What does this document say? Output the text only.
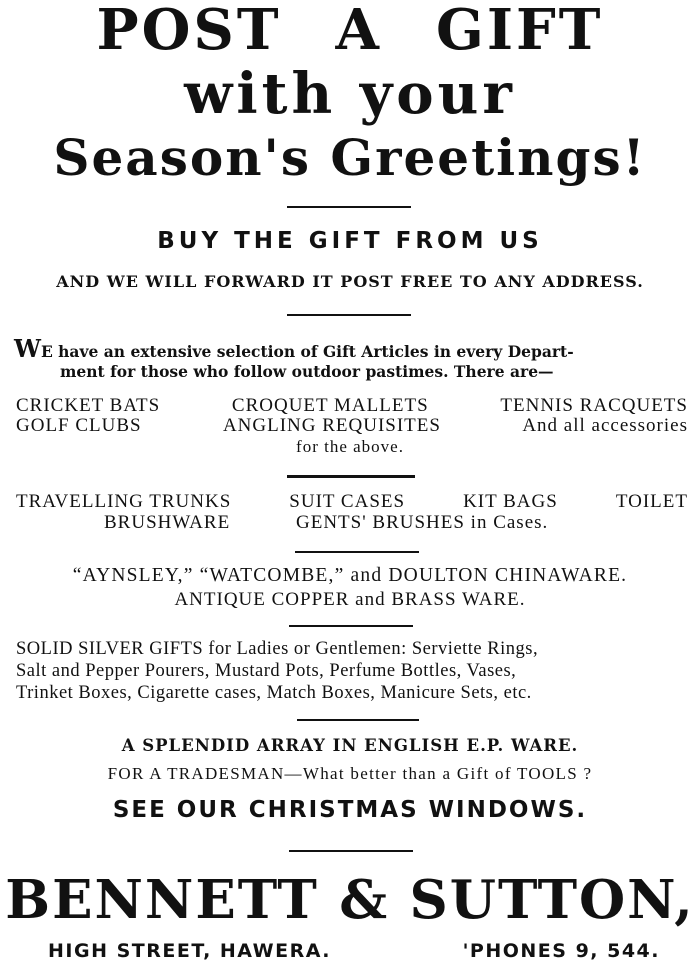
POST A GIFT
with your
Season's Greetings!
BUY THE GIFT FROM US
AND WE WILL FORWARD IT POST FREE TO ANY ADDRESS.
WE have an extensive selection of Gift Articles in every Depart-
ment for those who follow outdoor pastimes. There are—
CRICKET BATS	CROQUET MALLETS	TENNIS RACQUETS
GOLF CLUBS	ANGLING REQUISITES	And all accessories
for the above.
TRAVELLING TRUNKS	SUIT CASES	KIT BAGS	TOILET
BRUSHWARE	GENTS' BRUSHES in Cases.
“AYNSLEY,” “WATCOMBE,” and DOULTON CHINAWARE.
ANTIQUE COPPER and BRASS WARE.
SOLID SILVER GIFTS for Ladies or Gentlemen: Serviette Rings,
Salt and Pepper Pourers, Mustard Pots, Perfume Bottles, Vases,
Trinket Boxes, Cigarette cases, Match Boxes, Manicure Sets, etc.
A SPLENDID ARRAY IN ENGLISH E.P. WARE.
FOR A TRADESMAN—What better than a Gift of TOOLS ?
SEE OUR CHRISTMAS WINDOWS.
BENNETT & SUTTON,
HIGH STREET, HAWERA.	'PHONES 9, 544.
